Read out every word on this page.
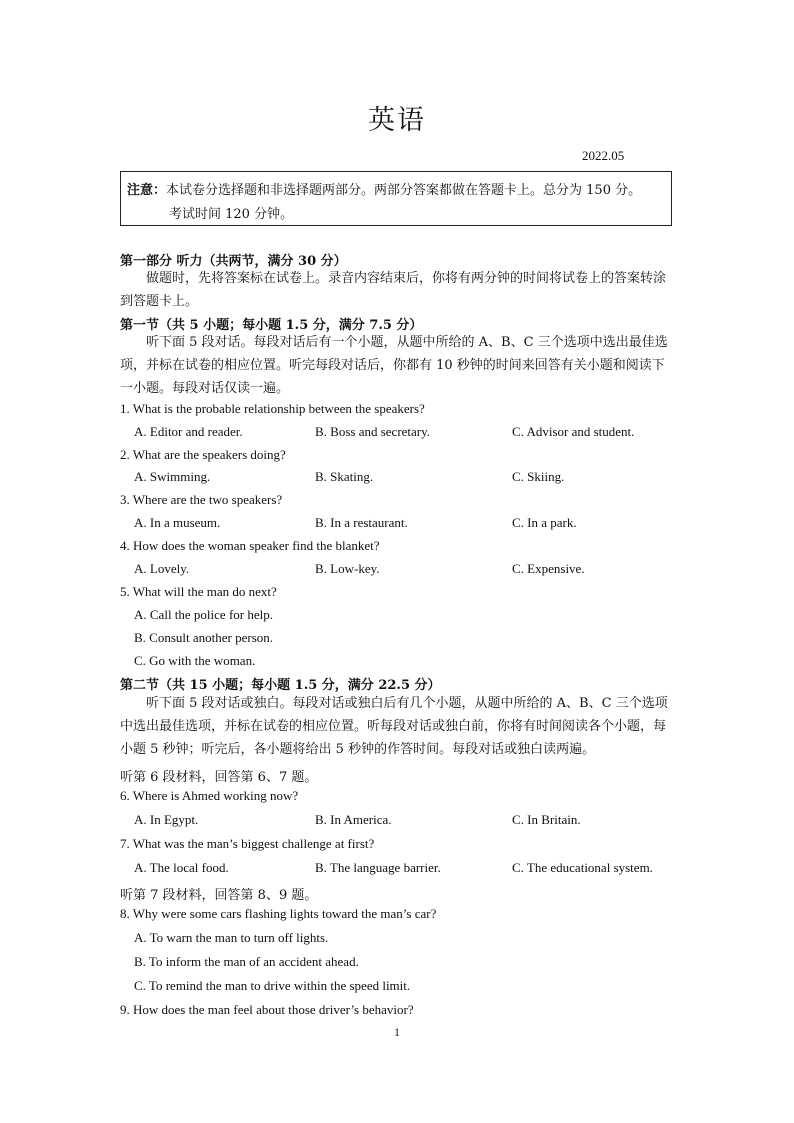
英语
2022.05
注意：本试卷分选择题和非选择题两部分。两部分答案都做在答题卡上。总分为 150 分。
考试时间 120 分钟。
第一部分 听力（共两节，满分 30 分）
做题时，先将答案标在试卷上。录音内容结束后，你将有两分钟的时间将试卷上的答案转涂到答题卡上。
第一节（共 5 小题；每小题 1.5 分，满分 7.5 分）
听下面 5 段对话。每段对话后有一个小题，从题中所给的 A、B、C 三个选项中选出最佳选项，并标在试卷的相应位置。听完每段对话后，你都有 10 秒钟的时间来回答有关小题和阅读下一小题。每段对话仅读一遍。
1. What is the probable relationship between the speakers?
A. Editor and reader.	B. Boss and secretary.	C. Advisor and student.
2. What are the speakers doing?
A. Swimming.	B. Skating.	C. Skiing.
3. Where are the two speakers?
A. In a museum.	B. In a restaurant.	C. In a park.
4. How does the woman speaker find the blanket?
A. Lovely.	B. Low-key.	C. Expensive.
5. What will the man do next?
A. Call the police for help.
B. Consult another person.
C. Go with the woman.
第二节（共 15 小题；每小题 1.5 分，满分 22.5 分）
听下面 5 段对话或独白。每段对话或独白后有几个小题，从题中所给的 A、B、C 三个选项中选出最佳选项，并标在试卷的相应位置。听每段对话或独白前，你将有时间阅读各个小题，每小题 5 秒钟；听完后，各小题将给出 5 秒钟的作答时间。每段对话或独白读两遍。
听第 6 段材料，回答第 6、7 题。
6. Where is Ahmed working now?
A. In Egypt.	B. In America.	C. In Britain.
7. What was the man’s biggest challenge at first?
A. The local food.	B. The language barrier.	C. The educational system.
听第 7 段材料，回答第 8、9 题。
8. Why were some cars flashing lights toward the man’s car?
A. To warn the man to turn off lights.
B. To inform the man of an accident ahead.
C. To remind the man to drive within the speed limit.
9. How does the man feel about those driver’s behavior?
1
